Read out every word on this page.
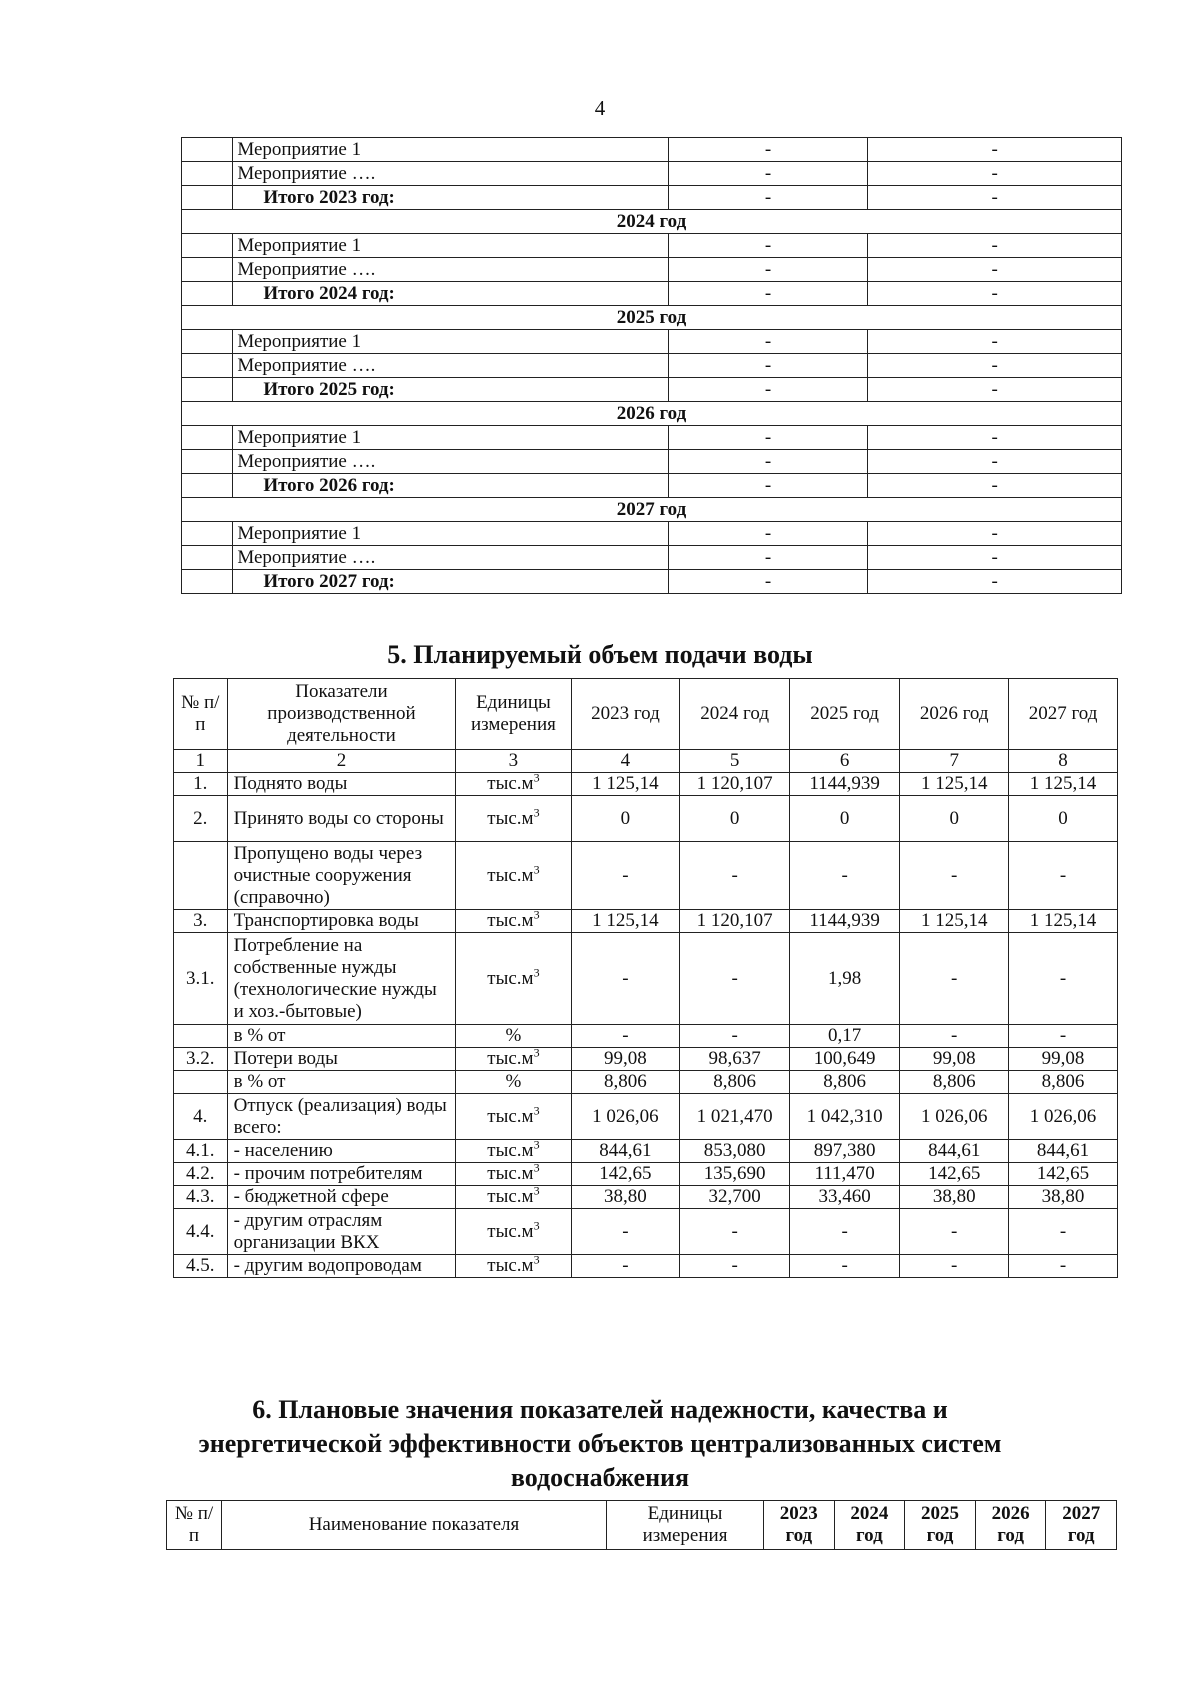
4
	Мероприятие 1	-	-
	Мероприятие ….	-	-
	Итого 2023 год:	-	-
2024 год			
	Мероприятие 1	-	-
	Мероприятие ….	-	-
	Итого 2024 год:	-	-
2025 год			
	Мероприятие 1	-	-
	Мероприятие ….	-	-
	Итого 2025 год:	-	-
2026 год			
	Мероприятие 1	-	-
	Мероприятие ….	-	-
	Итого 2026 год:	-	-
2027 год			
	Мероприятие 1	-	-
	Мероприятие ….	-	-
	Итого 2027 год:	-	-
5. Планируемый объем подачи воды
№ п/п	Показатели производственной деятельности	Единицы измерения	2023 год	2024 год	2025 год	2026 год	2027 год
1	2	3	4	5	6	7	8
1.	Поднято воды	$тыс.м^3$	1 125,14	1 120,107	1144,939	1 125,14	1 125,14
2.	Принято воды со стороны	$тыс.м^3$	0	0	0	0	0
	Пропущено воды через очистные сооружения (справочно)	$тыс.м^3$	-	-	-	-	-
3.	Транспортировка воды	$тыс.м^3$	1 125,14	1 120,107	1144,939	1 125,14	1 125,14
3.1.	Потребление на собственные нужды (технологические нужды и хоз.-бытовые)	$тыс.м^3$	-	-	1,98	-	-
	в % от	%	-	-	0,17	-	-
3.2.	Потери воды	$тыс.м^3$	99,08	98,637	100,649	99,08	99,08
	в % от	%	8,806	8,806	8,806	8,806	8,806
4.	Отпуск (реализация) воды всего:	$тыс.м^3$	1 026,06	1 021,470	1 042,310	1 026,06	1 026,06
4.1.	- населению	$тыс.м^3$	844,61	853,080	897,380	844,61	844,61
4.2.	- прочим потребителям	$тыс.м^3$	142,65	135,690	111,470	142,65	142,65
4.3.	- бюджетной сфере	$тыс.м^3$	38,80	32,700	33,460	38,80	38,80
4.4.	- другим отраслям организации ВКХ	$тыс.м^3$	-	-	-	-	-
4.5.	- другим водопроводам	$тыс.м^3$	-	-	-	-	-
6. Плановые значения показателей надежности, качества и
энергетической эффективности объектов централизованных систем
водоснабжения
№ п/п	Наименование показателя	Единицы измерения	2023 год	2024 год	2025 год	2026 год	2027 год
